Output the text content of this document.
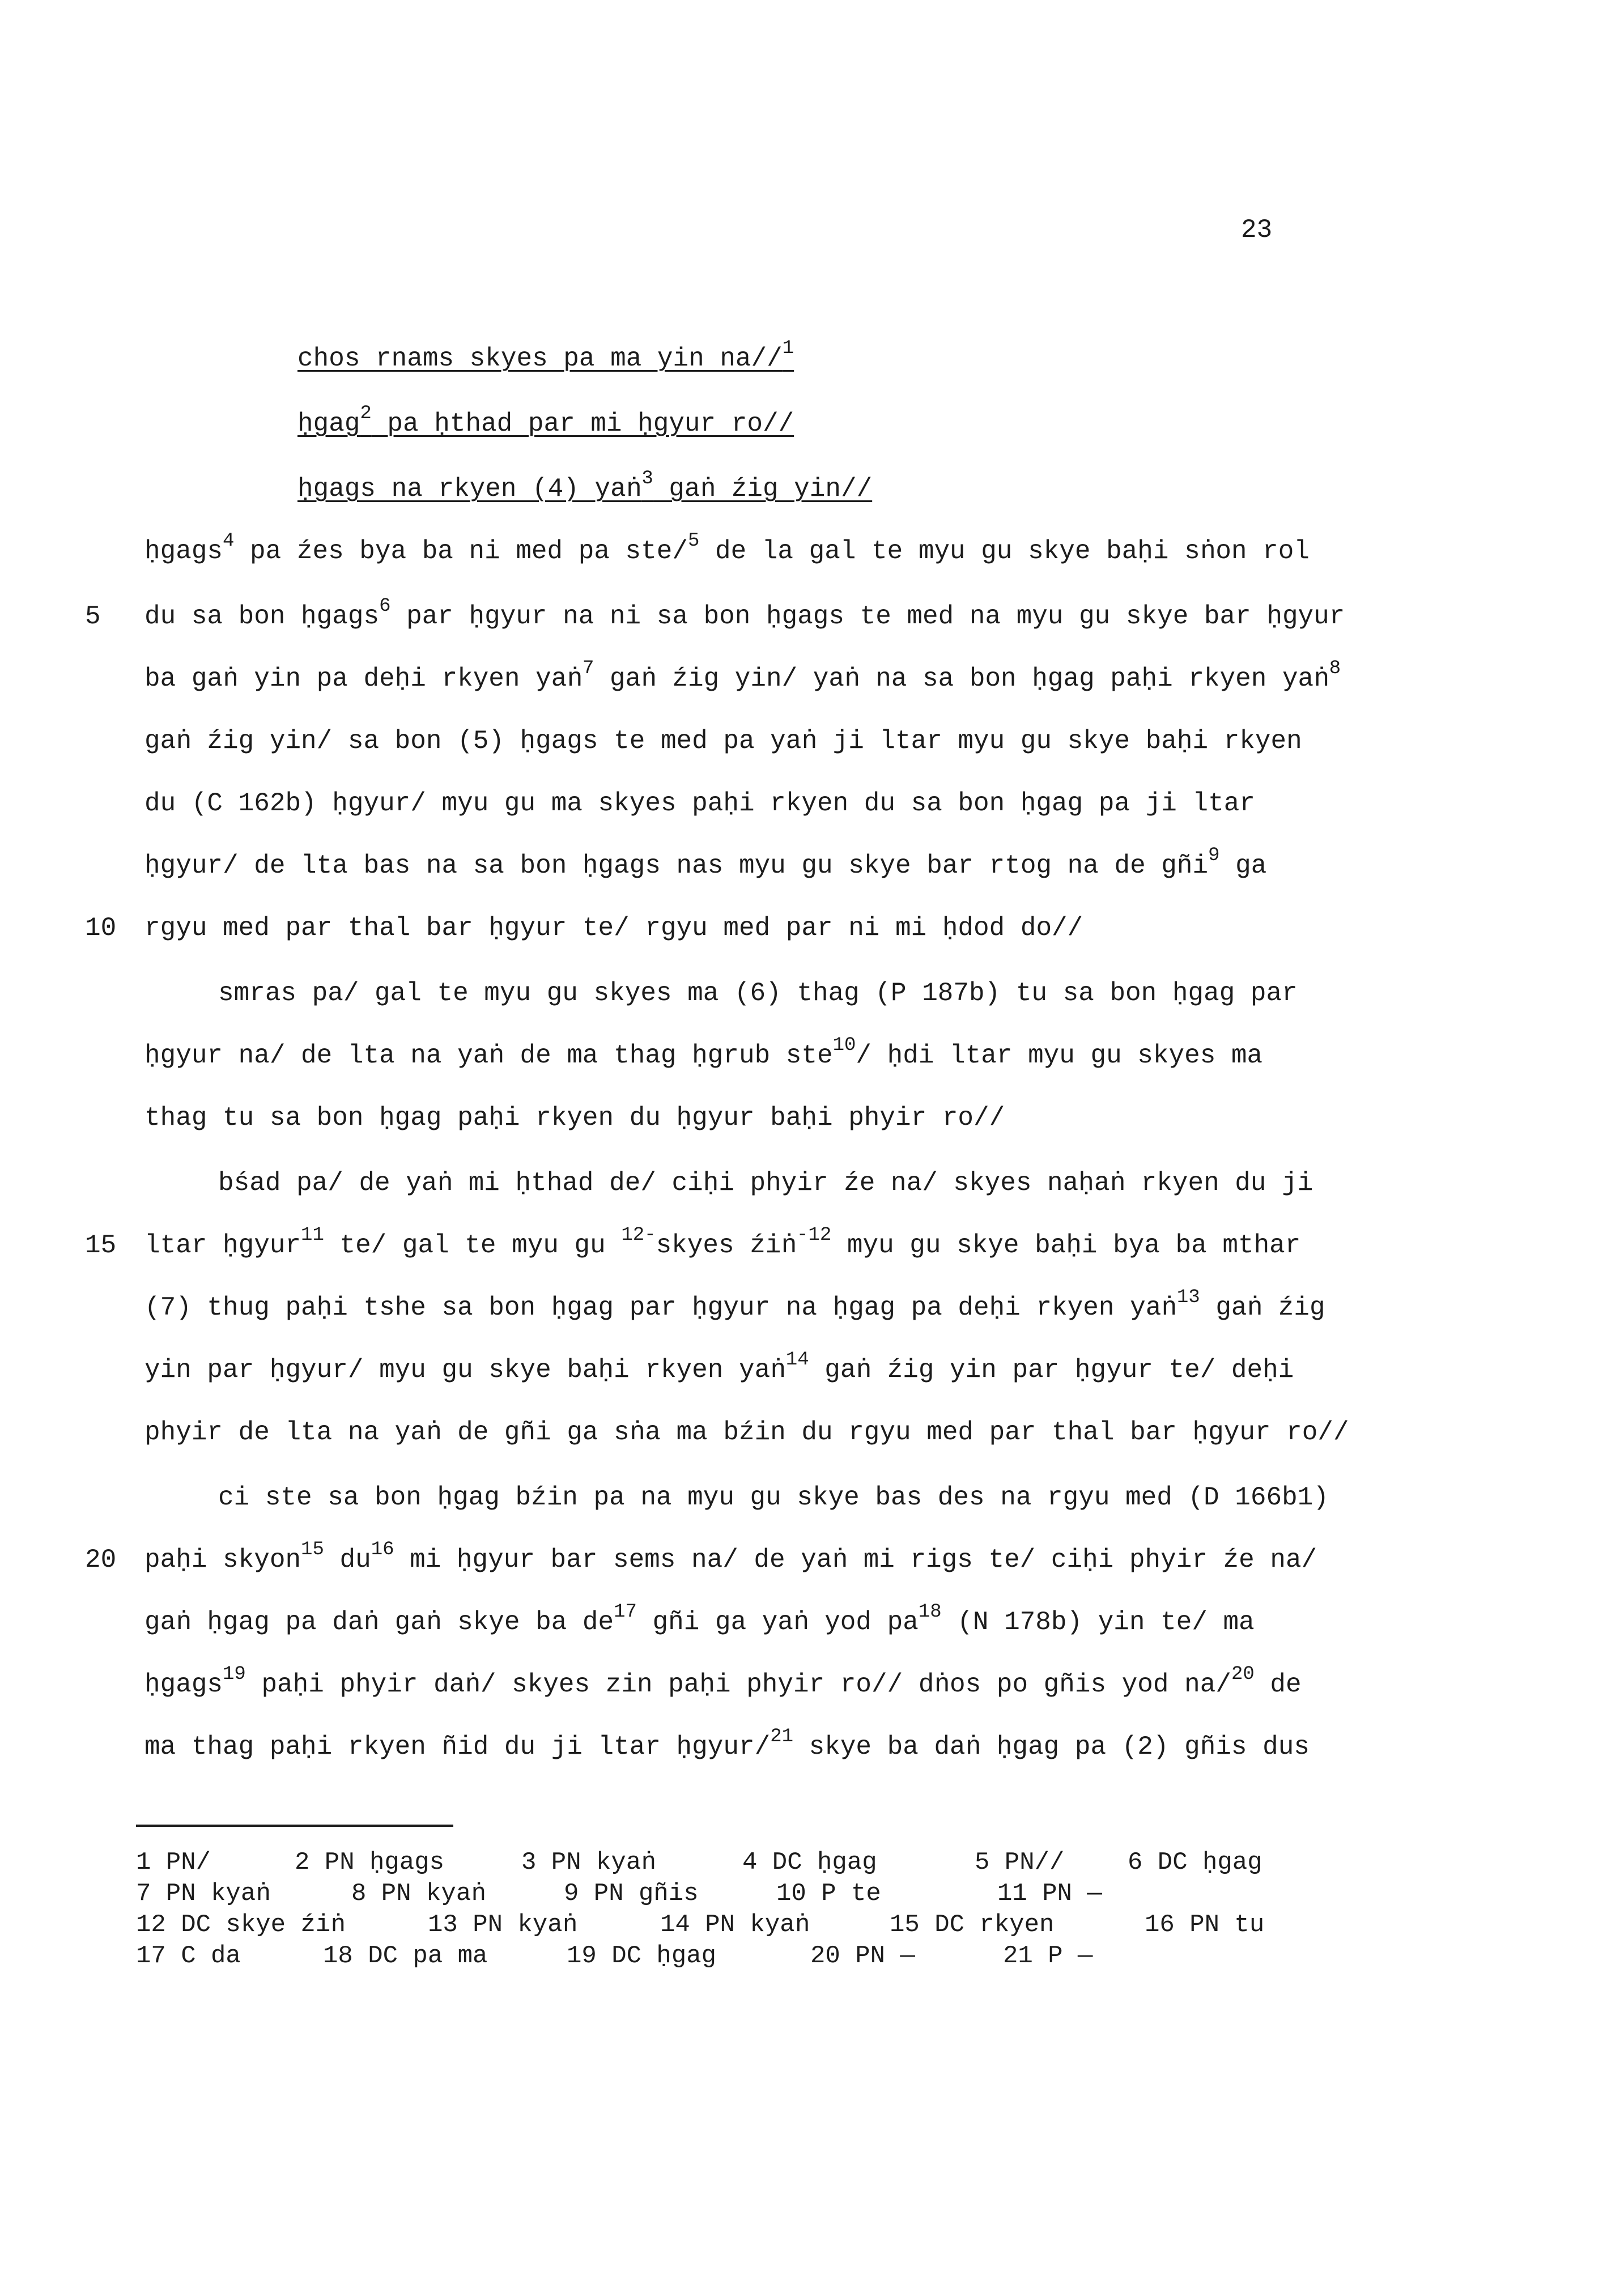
23
chos rnams skyes pa ma yin na//$^1$
ḥgag$^2$ pa ḥthad par mi ḥgyur ro//
ḥgags na rkyen (4) yaṅ$^3$ gaṅ źig yin//
ḥgags$^4$ pa źes bya ba ni med pa ste/$^5$ de la gal te myu gu skye baḥi sṅon rol
du sa bon ḥgags$^6$ par ḥgyur na ni sa bon ḥgags te med na myu gu skye bar ḥgyur
ba gaṅ yin pa deḥi rkyen yaṅ$^7$ gaṅ źig yin/ yaṅ na sa bon ḥgag paḥi rkyen yaṅ$^8$
gaṅ źig yin/ sa bon (5) ḥgags te med pa yaṅ ji ltar myu gu skye baḥi rkyen
du (C 162b) ḥgyur/ myu gu ma skyes paḥi rkyen du sa bon ḥgag pa ji ltar
ḥgyur/ de lta bas na sa bon ḥgags nas myu gu skye bar rtog na de gñi$^9$ ga
rgyu med par thal bar ḥgyur te/ rgyu med par ni mi ḥdod do//
smras pa/ gal te myu gu skyes ma (6) thag (P 187b) tu sa bon ḥgag par
ḥgyur na/ de lta na yaṅ de ma thag ḥgrub ste$^{10}$/ ḥdi ltar myu gu skyes ma
thag tu sa bon ḥgag paḥi rkyen du ḥgyur baḥi phyir ro//
bśad pa/ de yaṅ mi ḥthad de/ ciḥi phyir źe na/ skyes naḥaṅ rkyen du ji
ltar ḥgyur$^{11}$ te/ gal te myu gu $^{12-}$skyes źiṅ$^{-12}$ myu gu skye baḥi bya ba mthar
(7) thug paḥi tshe sa bon ḥgag par ḥgyur na ḥgag pa deḥi rkyen yaṅ$^{13}$ gaṅ źig
yin par ḥgyur/ myu gu skye baḥi rkyen yaṅ$^{14}$ gaṅ źig yin par ḥgyur te/ deḥi
phyir de lta na yaṅ de gñi ga sṅa ma bźin du rgyu med par thal bar ḥgyur ro//
ci ste sa bon ḥgag bźin pa na myu gu skye bas des na rgyu med (D 166b1)
paḥi skyon$^{15}$ $du^{16}$ mi ḥgyur bar sems na/ de yaṅ mi rigs te/ ciḥi phyir źe na/
gaṅ ḥgag pa daṅ gaṅ skye ba $de^{17}$ gñi ga yaṅ yod $pa^{18}$ (N 178b) yin te/ ma
ḥgags$^{19}$ paḥi phyir daṅ/ skyes zin paḥi phyir ro// dṅos po gñis yod na/$^{20}$ de
ma thag paḥi rkyen ñid du ji ltar ḥgyur/$^{21}$ skye ba daṅ ḥgag pa (2) gñis dus
5
10
15
20
1 PN/	2 PN ḥgags	3 PN kyaṅ	4 DC ḥgag	5 PN//	6 DC ḥgag
7 PN kyaṅ	8 PN kyaṅ	9 PN gñis	10 P te	11 PN —
12 DC skye źiṅ	13 PN kyaṅ	14 PN kyaṅ	15 DC rkyen	16 PN tu
17 C da	18 DC pa ma	19 DC ḥgag	20 PN —	21 P —
